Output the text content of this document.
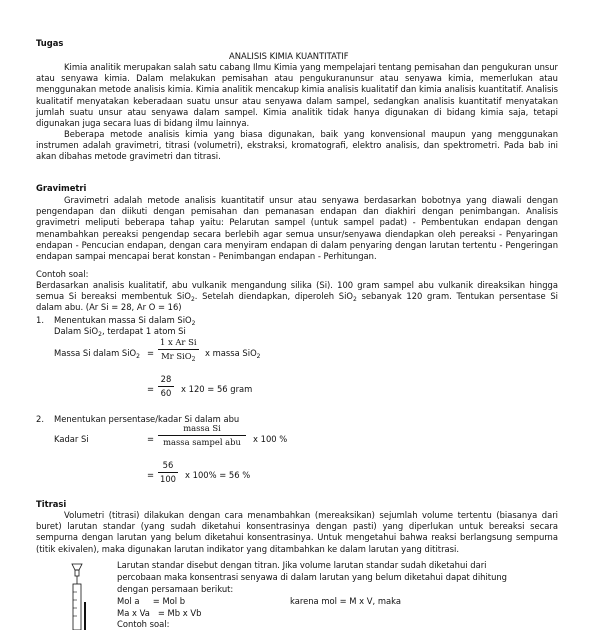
Tugas
ANALISIS KIMIA KUANTITATIF
Kimia analitik merupakan salah satu cabang Ilmu Kimia yang mempelajari tentang pemisahan dan pengukuran unsur atau senyawa kimia. Dalam melakukan pemisahan atau pengukuranunsur atau senyawa kimia, memerlukan atau menggunakan metode analisis kimia. Kimia analitik mencakup kimia analisis kualitatif dan kimia analisis kuantitatif. Analisis kualitatif menyatakan keberadaan suatu unsur atau senyawa dalam sampel, sedangkan analisis kuantitatif menyatakan jumlah suatu unsur atau senyawa dalam sampel. Kimia analitik tidak hanya digunakan di bidang kimia saja, tetapi digunakan juga secara luas di bidang ilmu lainnya.
Beberapa metode analisis kimia yang biasa digunakan, baik yang konvensional maupun yang menggunakan instrumen adalah gravimetri, titrasi (volumetri), ekstraksi, kromatografi, elektro analisis, dan spektrometri. Pada bab ini akan dibahas metode gravimetri dan titrasi.
Gravimetri
Gravimetri adalah metode analisis kuantitatif unsur atau senyawa berdasarkan bobotnya yang diawali dengan pengendapan dan diikuti dengan pemisahan dan pemanasan endapan dan diakhiri dengan penimbangan. Analisis gravimetri meliputi beberapa tahap yaitu: Pelarutan sampel (untuk sampel padat) - Pembentukan endapan dengan menambahkan pereaksi pengendap secara berlebih agar semua unsur/senyawa diendapkan oleh pereaksi - Penyaringan endapan - Pencucian endapan, dengan cara menyiram endapan di dalam penyaring dengan larutan tertentu - Pengeringan endapan sampai mencapai berat konstan - Penimbangan endapan - Perhitungan.
Contoh soal:
Berdasarkan analisis kualitatif, abu vulkanik mengandung silika (Si). 100 gram sampel abu vulkanik direaksikan hingga semua Si bereaksi membentuk SiO$_2$. Setelah diendapkan, diperoleh SiO$_2$ sebanyak 120 gram. Tentukan persentase Si dalam abu. (Ar Si = 28, Ar O = 16)
1. Menentukan massa Si dalam SiO$_2$
Dalam SiO$_2$, terdapat 1 atom Si
Massa Si dalam SiO$_2$ =
1 x Ar Si
Mr SiO$_2$
x massa SiO$_2$
= $\frac{28}{60}$ x 120 = 56 gram
2. Menentukan persentase/kadar Si dalam abu
Kadar Si	=
massa Si
massa sampel abu	x 100 %
= $\frac{56}{100}$ x 100% = 56 %
Titrasi
Volumetri (titrasi) dilakukan dengan cara menambahkan (mereaksikan) sejumlah volume tertentu (biasanya dari buret) larutan standar (yang sudah diketahui konsentrasinya dengan pasti) yang diperlukan untuk bereaksi secara sempurna dengan larutan yang belum diketahui konsentrasinya. Untuk mengetahui bahwa reaksi berlangsung sempurna (titik ekivalen), maka digunakan larutan indikator yang ditambahkan ke dalam larutan yang dititrasi.
Larutan standar disebut dengan titran. Jika volume larutan standar sudah diketahui dari
percobaan maka konsentrasi senyawa di dalam larutan yang belum diketahui dapat dihitung
dengan persamaan berikut:
Mol a     = Mol b	karena mol = M x V, maka
Ma x Va   = Mb x Vb
Contoh soal:
